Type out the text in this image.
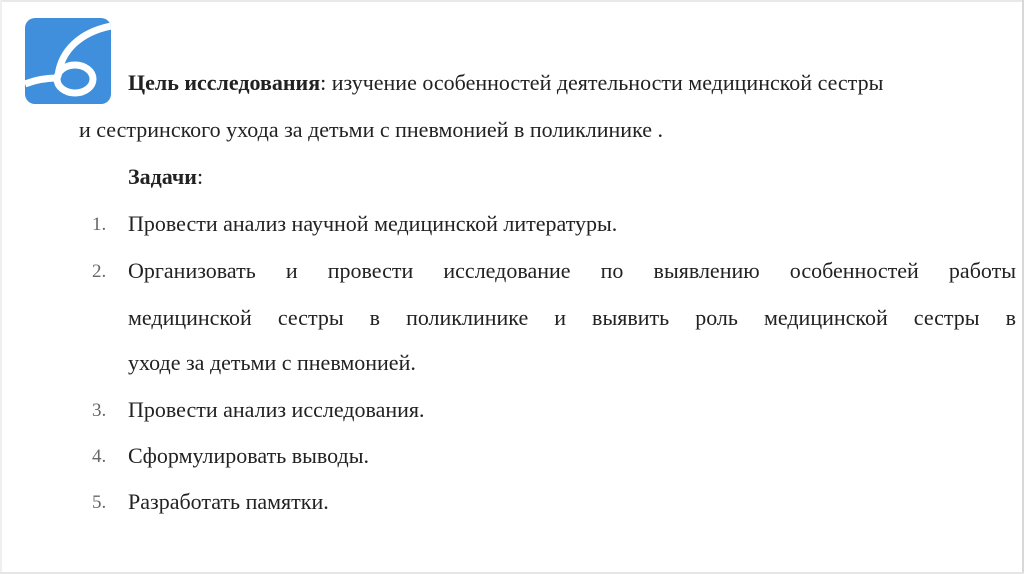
Цель исследования: изучение особенностей деятельности медицинской сестры
и сестринского ухода за детьми с пневмонией в поликлинике .
Задачи:
1. Провести анализ научной медицинской литературы.
2. Организовать и провести исследование по выявлению особенностей работы
медицинской сестры в поликлинике и выявить роль медицинской сестры в
уходе за детьми с пневмонией.
3. Провести анализ исследования.
4. Сформулировать выводы.
5. Разработать памятки.
